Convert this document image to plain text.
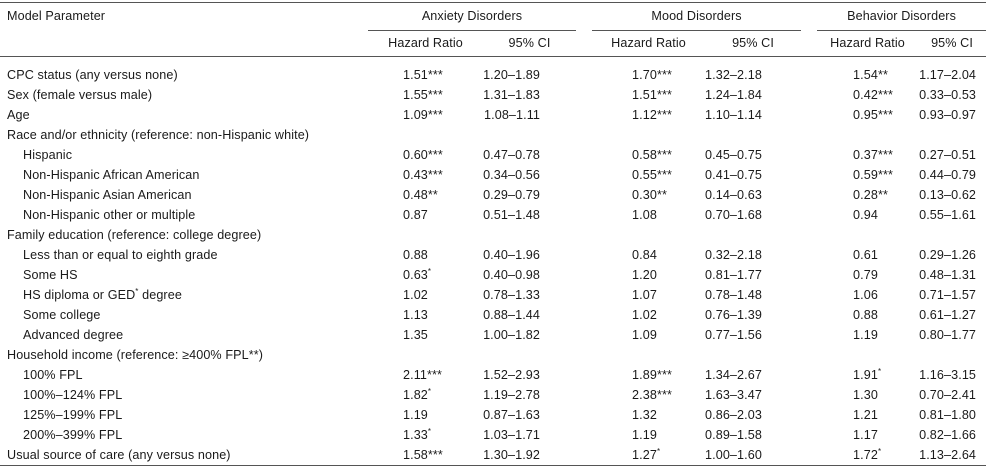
Model Parameter	Anxiety Disorders			Mood Disorders			Behavior Disorders	
	Hazard Ratio	95% CI		Hazard Ratio	95% CI		Hazard Ratio	95% CI

CPC status (any versus none)	1.51***	1.20–1.89		1.70***	1.32–2.18		1.54**	1.17–2.04
Sex (female versus male)	1.55***	1.31–1.83		1.51***	1.24–1.84		0.42***	0.33–0.53
Age	1.09***	1.08–1.11		1.12***	1.10–1.14		0.95***	0.93–0.97
Race and/or ethnicity (reference: non-Hispanic white)								
Hispanic	0.60***	0.47–0.78		0.58***	0.45–0.75		0.37***	0.27–0.51
Non-Hispanic African American	0.43***	0.34–0.56		0.55***	0.41–0.75		0.59***	0.44–0.79
Non-Hispanic Asian American	0.48**	0.29–0.79		0.30**	0.14–0.63		0.28**	0.13–0.62
Non-Hispanic other or multiple	0.87	0.51–1.48		1.08	0.70–1.68		0.94	0.55–1.61
Family education (reference: college degree)								
Less than or equal to eighth grade	0.88	0.40–1.96		0.84	0.32–2.18		0.61	0.29–1.26
Some HS	0.63*	0.40–0.98		1.20	0.81–1.77		0.79	0.48–1.31
HS diploma or GED* degree	1.02	0.78–1.33		1.07	0.78–1.48		1.06	0.71–1.57
Some college	1.13	0.88–1.44		1.02	0.76–1.39		0.88	0.61–1.27
Advanced degree	1.35	1.00–1.82		1.09	0.77–1.56		1.19	0.80–1.77
Household income (reference: ≥400% FPL**)								
100% FPL	2.11***	1.52–2.93		1.89***	1.34–2.67		1.91*	1.16–3.15
100%–124% FPL	1.82*	1.19–2.78		2.38***	1.63–3.47		1.30	0.70–2.41
125%–199% FPL	1.19	0.87–1.63		1.32	0.86–2.03		1.21	0.81–1.80
200%–399% FPL	1.33*	1.03–1.71		1.19	0.89–1.58		1.17	0.82–1.66
Usual source of care (any versus none)	1.58***	1.30–1.92		1.27*	1.00–1.60		1.72*	1.13–2.64
